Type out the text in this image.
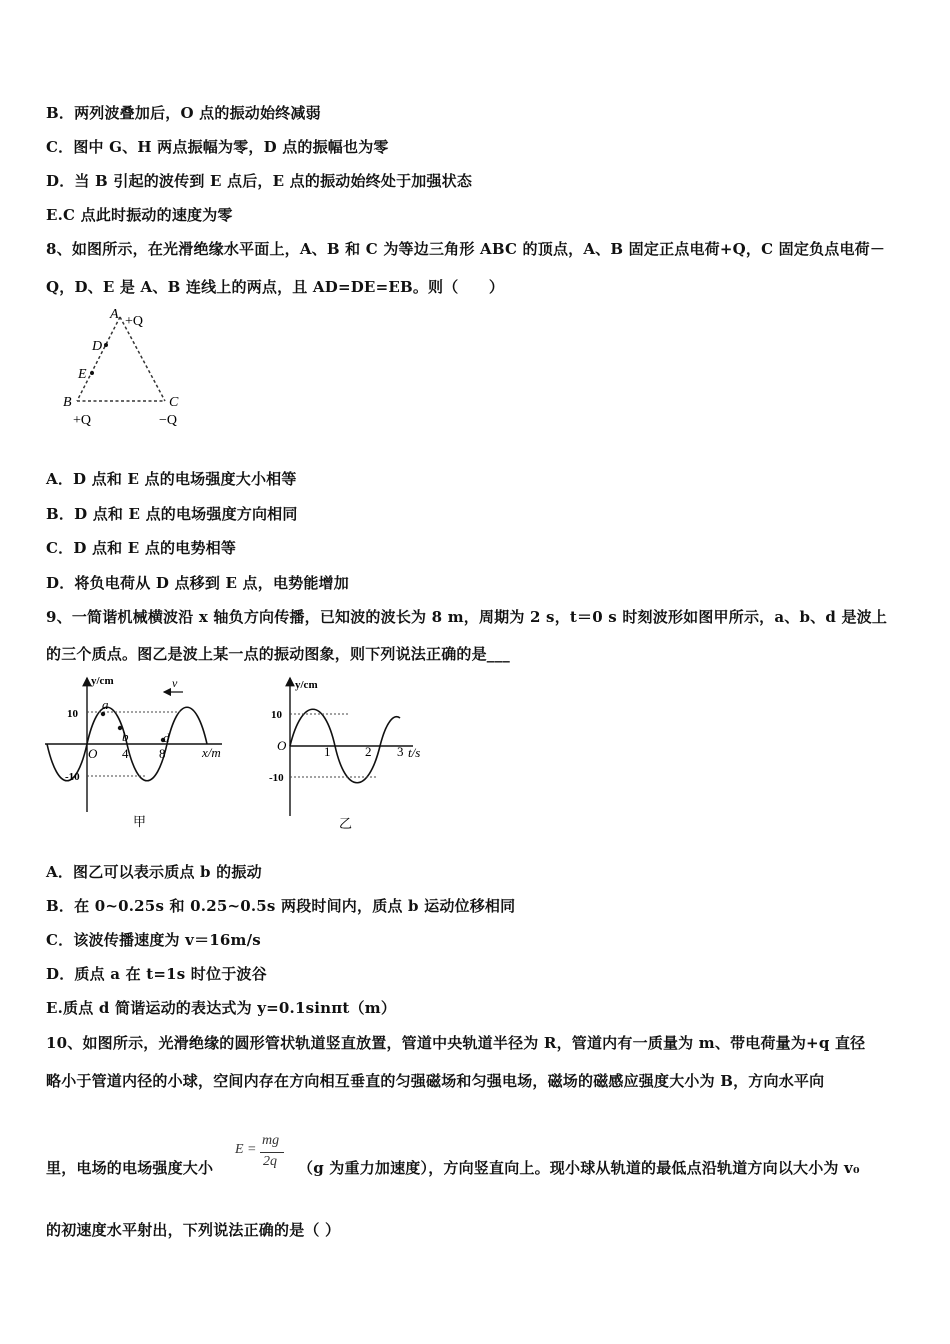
B．两列波叠加后，O 点的振动始终减弱
C．图中 G、H 两点振幅为零，D 点的振幅也为零
D．当 B 引起的波传到 E 点后，E 点的振动始终处于加强状态
E.C 点此时振动的速度为零
8、如图所示，在光滑绝缘水平面上，A、B 和 C 为等边三角形 ABC 的顶点，A、B 固定正点电荷+Q，C 固定负点电荷－
Q，D、E 是 A、B 连线上的两点，且 AD=DE=EB。则（　　）
A +Q
D
E
B	C
+Q	−Q
A．D 点和 E 点的电场强度大小相等
B．D 点和 E 点的电场强度方向相同
C．D 点和 E 点的电势相等
D．将负电荷从 D 点移到 E 点，电势能增加
9、一简谐机械横波沿 x 轴负方向传播，已知波的波长为 8 m，周期为 2 s，t＝0 s 时刻波形如图甲所示，a、b、d 是波上
的三个质点。图乙是波上某一点的振动图象，则下列说法正确的是___
v
y/cm
10
-10
O 4 8	x/m
a
b	d
甲
y/cm
10
-10
O	1	2 3 t/s
乙
A．图乙可以表示质点 b 的振动
B．在 0~0.25s 和 0.25~0.5s 两段时间内，质点 b 运动位移相同
C．该波传播速度为 v＝16m/s
D．质点 a 在 t=1s 时位于波谷
E.质点 d 简谐运动的表达式为 y=0.1sinπt（m）
10、如图所示，光滑绝缘的圆形管状轨道竖直放置，管道中央轨道半径为 R，管道内有一质量为 m、带电荷量为+q 直径
略小于管道内径的小球，空间内存在方向相互垂直的匀强磁场和匀强电场，磁场的磁感应强度大小为 B，方向水平向
里，电场的电场强度大小
E =
mg
2q （g 为重力加速度），方向竖直向上。现小球从轨道的最低点沿轨道方向以大小为 v₀
的初速度水平射出，下列说法正确的是（ ）
